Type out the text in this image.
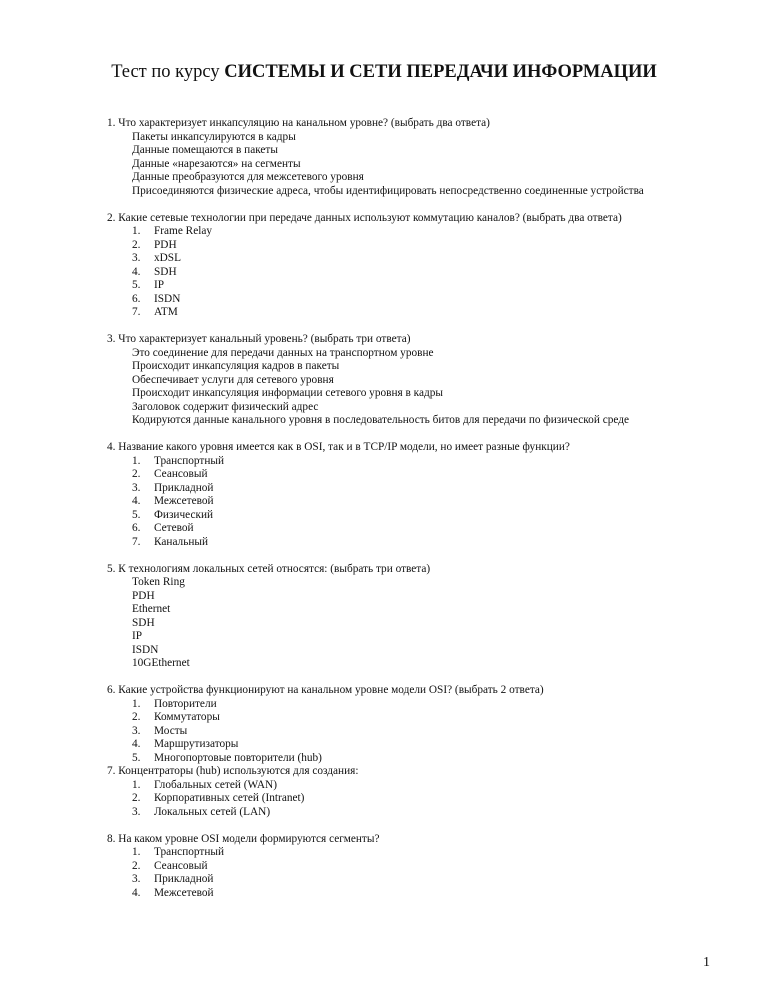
Тест по курсу СИСТЕМЫ И СЕТИ ПЕРЕДАЧИ ИНФОРМАЦИИ

1. Что характеризует инкапсуляцию на канальном уровне? (выбрать два ответа)

Пакеты инкапсулируются в кадры

Данные помещаются в пакеты

Данные «нарезаются» на сегменты

Данные преобразуются для межсетевого уровня

Присоединяются физические адреса, чтобы идентифицировать непосредственно соединенные устройства

2. Какие сетевые технологии при передаче данных используют коммутацию каналов? (выбрать два ответа)

1. Frame Relay
2. PDH
3. xDSL
4. SDH
5. IP
6. ISDN
7. ATM

3. Что характеризует канальный уровень? (выбрать три ответа)

Это соединение для передачи данных на транспортном уровне

Происходит инкапсуляция кадров в пакеты

Обеспечивает услуги для сетевого уровня

Происходит инкапсуляция информации сетевого уровня в кадры

Заголовок содержит физический адрес

Кодируются данные канального уровня в последовательность битов для передачи по физической среде

4. Название какого уровня имеется как в OSI, так и в TCP/IP модели, но имеет разные функции?

1. Транспортный
2. Сеансовый
3. Прикладной
4. Межсетевой
5. Физический
6. Сетевой
7. Канальный

5. К технологиям локальных сетей относятся: (выбрать три ответа)

Token Ring

PDH

Ethernet

SDH

IP

ISDN

10GEthernet

6. Какие устройства функционируют на канальном уровне модели OSI? (выбрать 2 ответа)

1. Повторители
2. Коммутаторы
3. Мосты
4. Маршрутизаторы
5. Многопортовые повторители (hub)

7. Концентраторы (hub) используются для создания:

1. Глобальных сетей (WAN)
2. Корпоративных сетей (Intranet)
3. Локальных сетей (LAN)

8. На каком уровне OSI модели формируются сегменты?

1. Транспортный
2. Сеансовый
3. Прикладной
4. Межсетевой
1
